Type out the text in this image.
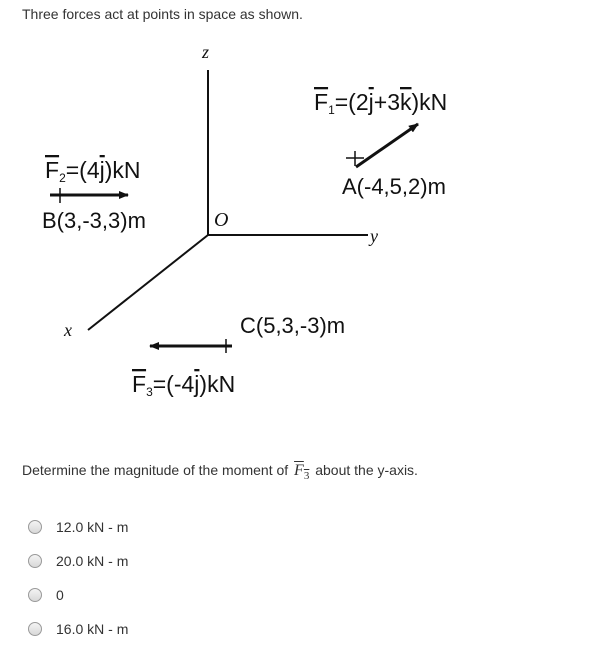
Three forces act at points in space as shown.
z
y
x
O
F1=(2j+3k)kN
A(-4,5,2)m
F2=(4j)kN
B(3,-3,3)m
C(5,3,-3)m
F3=(-4j)kN
Determine the magnitude of the moment of $F_3$ about the y-axis.
12.0 kN - m
20.0 kN - m
0
16.0 kN - m
